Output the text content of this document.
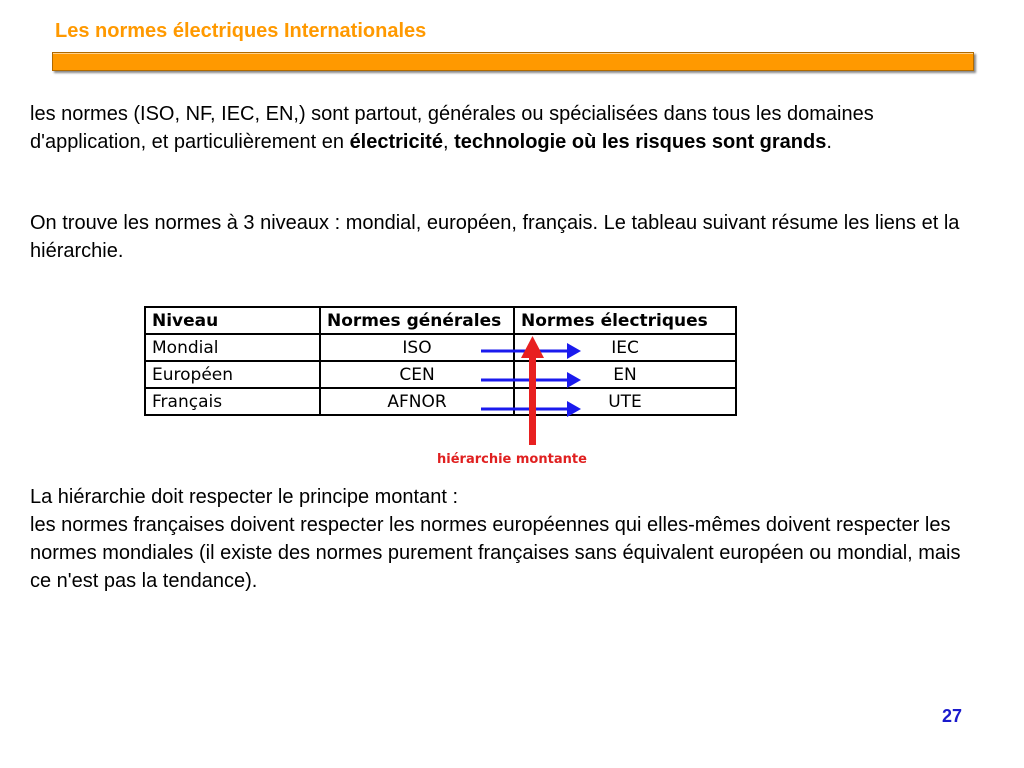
Les normes électriques Internationales

les normes (ISO, NF, IEC, EN,) sont partout, générales ou spécialisées dans tous les domaines d'application, et particulièrement en électricité, technologie où les risques sont grands.

On trouve les normes à 3 niveaux : mondial, européen, français. Le tableau suivant résume les liens et la hiérarchie.

Niveau	Normes générales	Normes électriques
Mondial	ISO	IEC
Européen	CEN	EN
Français	AFNOR	UTE

hiérarchie montante

La hiérarchie doit respecter le principe montant :
les normes françaises doivent respecter les normes européennes qui elles-mêmes doivent respecter les normes mondiales (il existe des normes purement françaises sans équivalent européen ou mondial, mais ce n'est pas la tendance).

27
